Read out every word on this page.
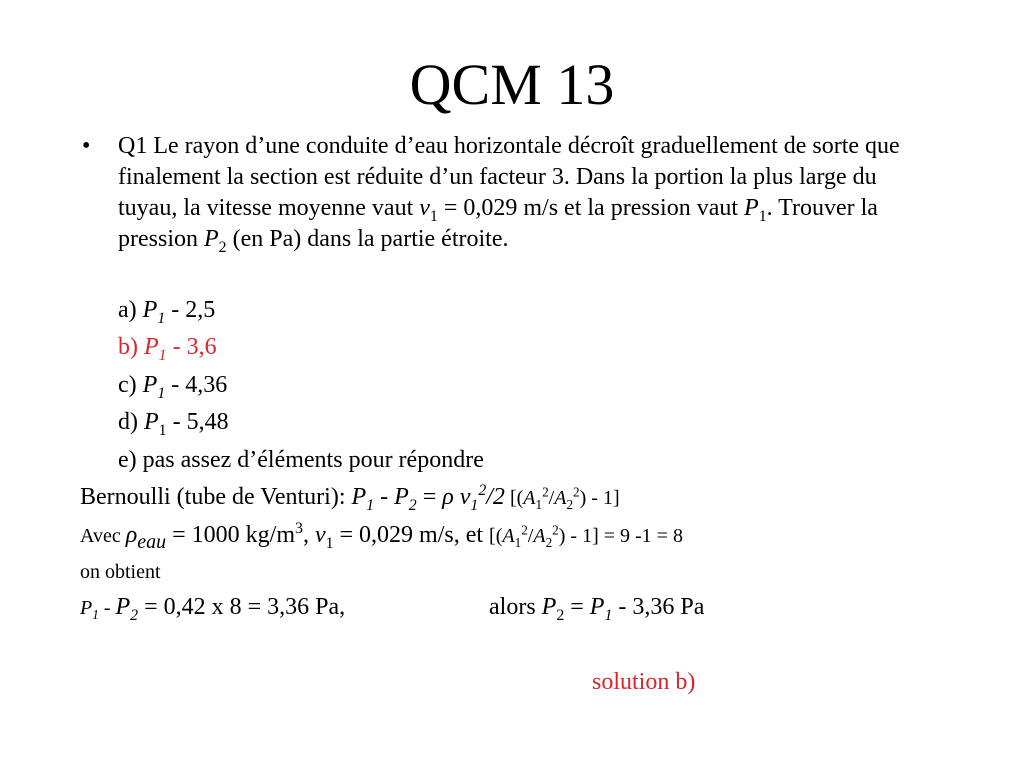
QCM 13
• Q1 Le rayon d’une conduite d’eau horizontale décroît graduellement de sorte que finalement la section est réduite d’un facteur 3. Dans la portion la plus large du tuyau, la vitesse moyenne vaut $v_1 = 0,029$ m/s et la pression vaut $P_1$. Trouver la pression $P_2$ (en Pa) dans la partie étroite.
a) $P_1 - 2,5$
b) $P_1 - 3,6$
c) $P_1 - 4,36$
d) $P_1 - 5,48$
e) pas assez d’éléments pour répondre
Bernoulli (tube de Venturi): $P_1 - P_2 = \rho$ $v_1^2/2$ $[(A_1^2/A_2^2) - 1]$
Avec $\rho_{eau} = 1000$ $kg/m^3$, $v_1 = 0,029$ m/s, et $[(A_1^2/A_2^2) - 1] = 9$ -1 = 8
on obtient
$P_1 - P_2 = 0,42$ x 8 = 3,36 Pa,	alors $P_2 = P_1 - 3,36$ Pa
solution b)
